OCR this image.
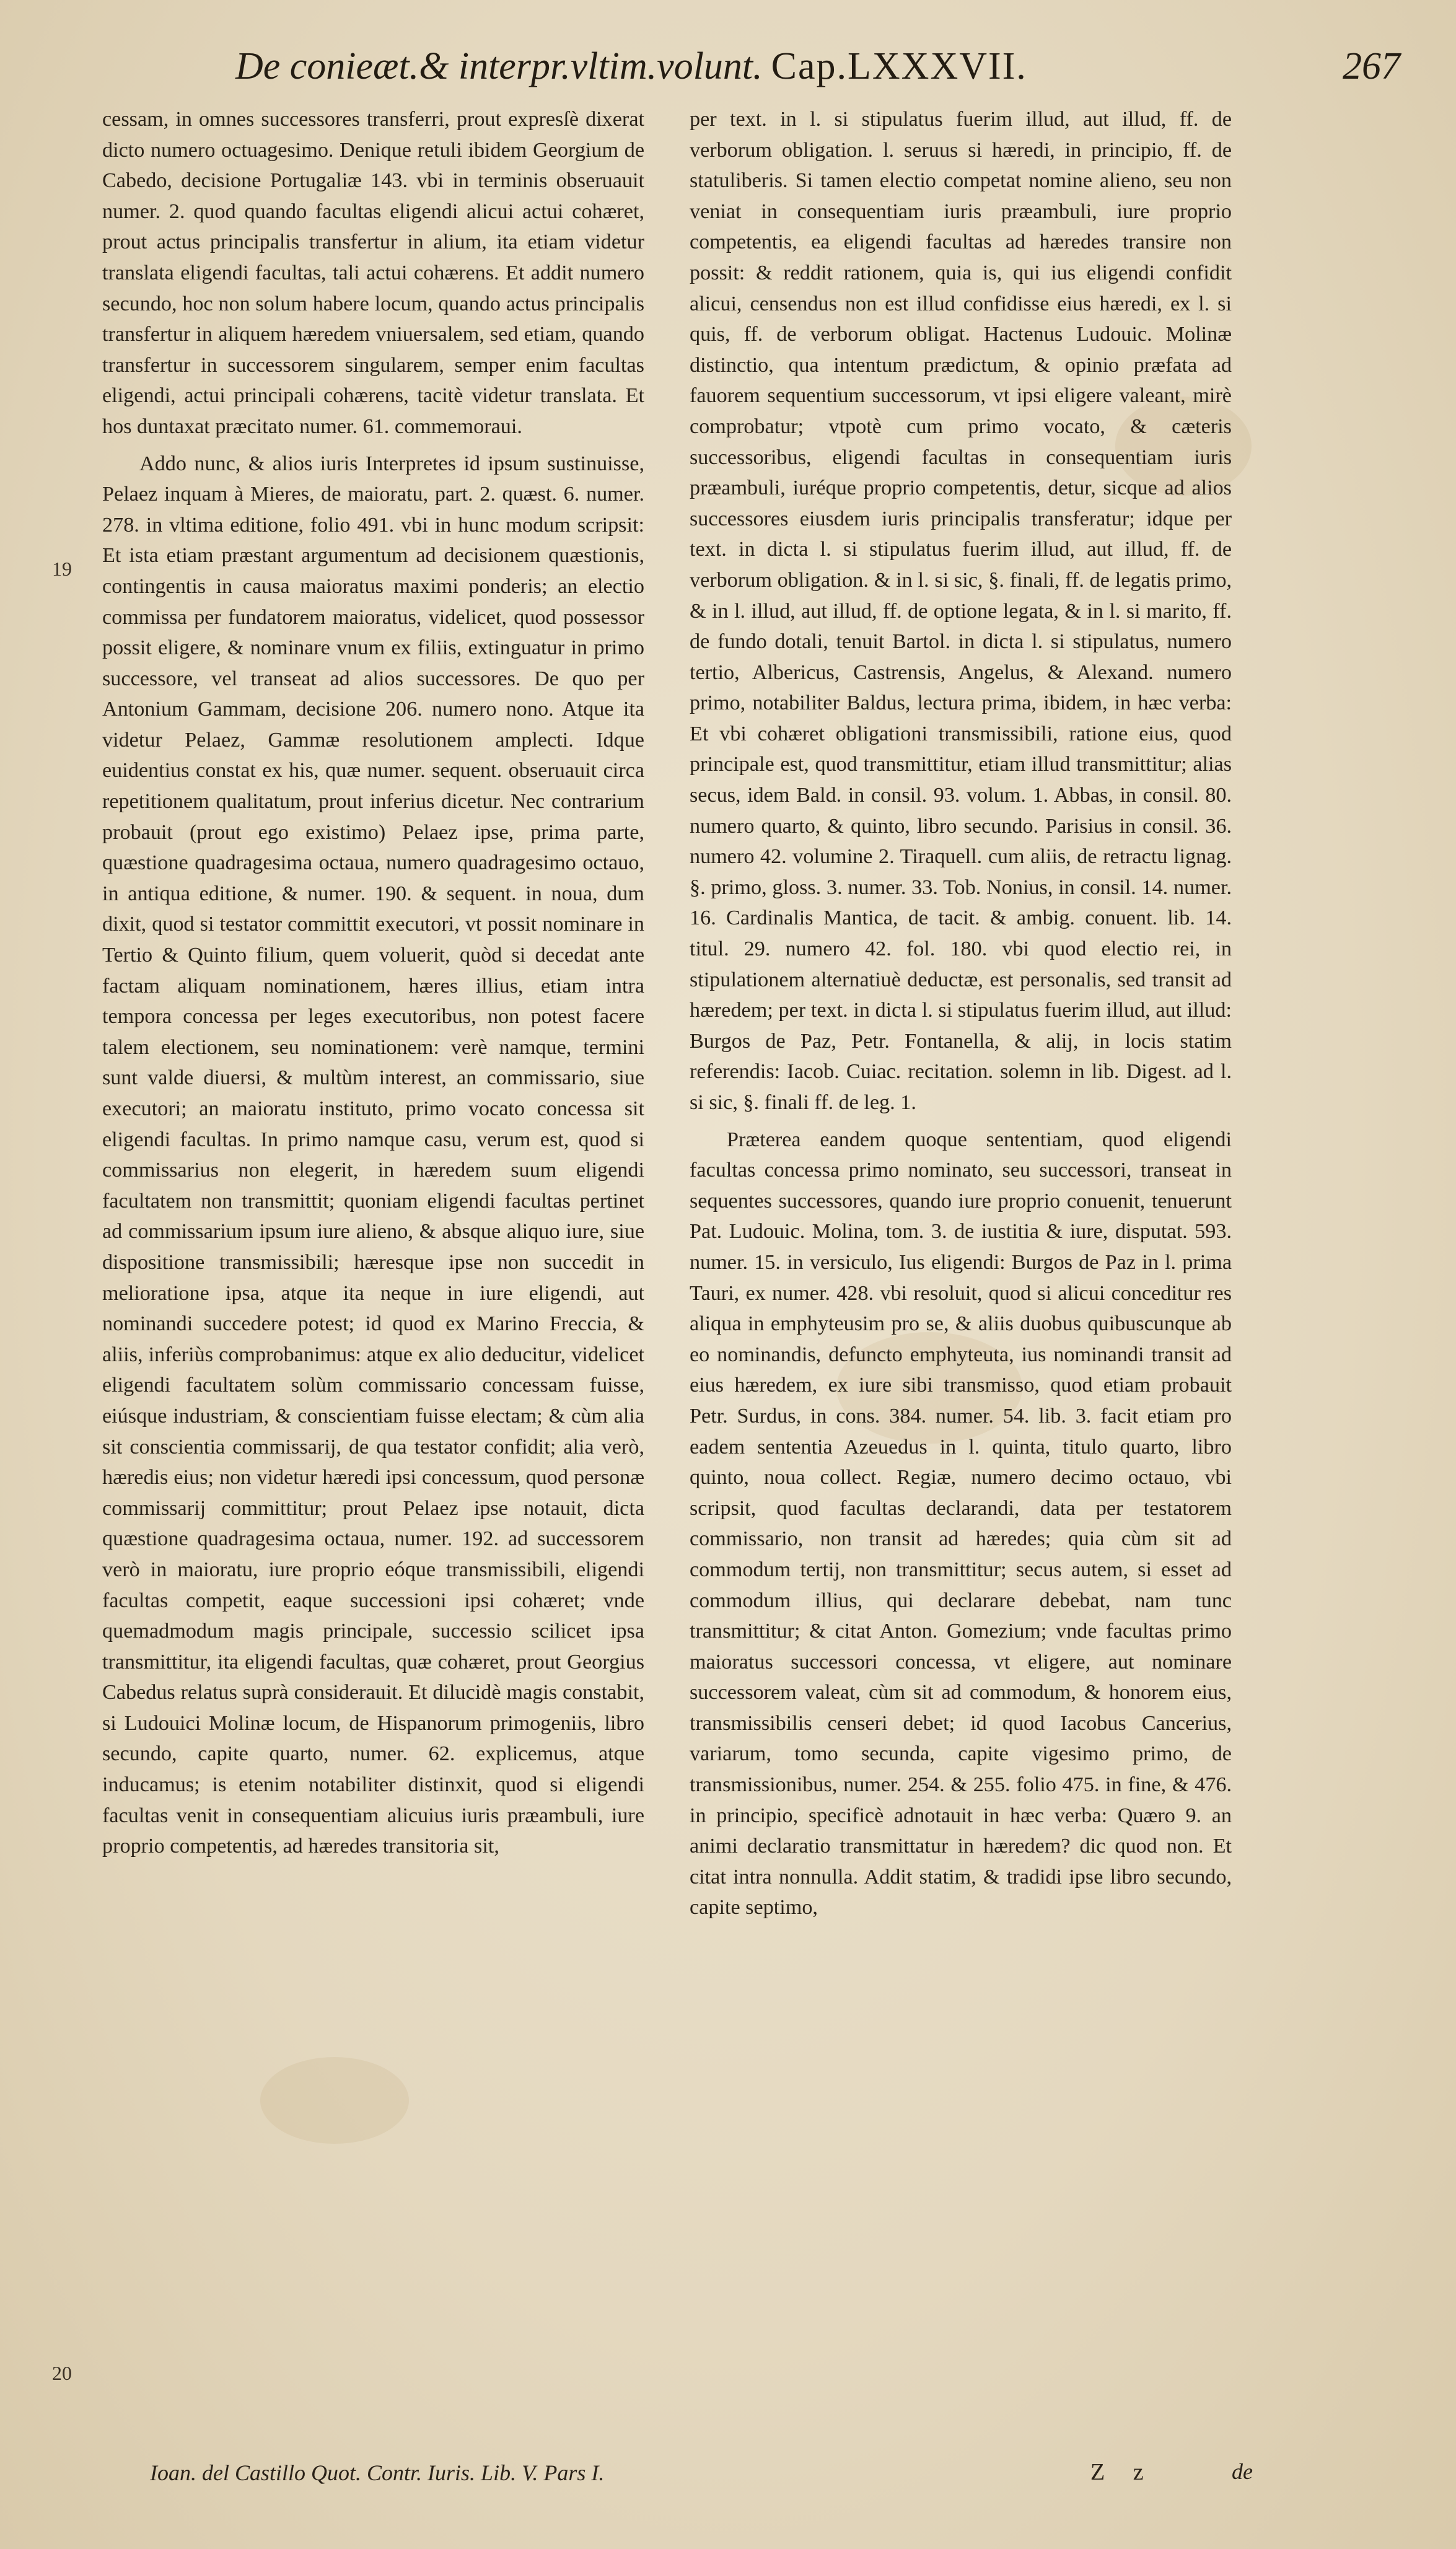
De conieæt.& interpr.vltim.volunt. Cap.LXXXVII.	267
19
20

cessam, in omnes successores transferri, prout expresſè dixerat dicto numero octuagesimo. Denique retuli ibidem Georgium de Cabedo, decisione Portugaliæ 143. vbi in terminis obseruauit numer. 2. quod quando facultas eligendi alicui actui cohæret, prout actus principalis transfertur in alium, ita etiam videtur translata eligendi facultas, tali actui cohærens. Et addit numero secundo, hoc non solum habere locum, quando actus principalis transfertur in aliquem hæredem vniuersalem, sed etiam, quando transfertur in successorem singularem, semper enim facultas eligendi, actui principali cohærens, tacitè videtur translata. Et hos duntaxat præcitato numer. 61. commemoraui.

Addo nunc, & alios iuris Interpretes id ipsum sustinuisse, Pelaez inquam à Mieres, de maioratu, part. 2. quæst. 6. numer. 278. in vltima editione, folio 491. vbi in hunc modum scripsit: Et ista etiam præstant argumentum ad decisionem quæstionis, contingentis in causa maioratus maximi ponderis; an electio commissa per fundatorem maioratus, videlicet, quod possessor possit eligere, & nominare vnum ex filiis, extinguatur in primo successore, vel transeat ad alios successores. De quo per Antonium Gammam, decisione 206. numero nono. Atque ita videtur Pelaez, Gammæ resolutionem amplecti. Idque euidentius constat ex his, quæ numer. sequent. obseruauit circa repetitionem qualitatum, prout inferius dicetur. Nec contrarium probauit (prout ego existimo) Pelaez ipse, prima parte, quæstione quadragesima octaua, numero quadragesimo octauo, in antiqua editione, & numer. 190. & sequent. in noua, dum dixit, quod si testator committit executori, vt possit nominare in Tertio & Quinto filium, quem voluerit, quòd si decedat ante factam aliquam nominationem, hæres illius, etiam intra tempora concessa per leges executoribus, non potest facere talem electionem, seu nominationem: verè namque, termini sunt valde diuersi, & multùm interest, an commissario, siue executori; an maioratu instituto, primo vocato concessa sit eligendi facultas. In primo namque casu, verum est, quod si commissarius non elegerit, in hæredem suum eligendi facultatem non transmittit; quoniam eligendi facultas pertinet ad commissarium ipsum iure alieno, & absque aliquo iure, siue dispositione transmissibili; hæresque ipse non succedit in melioratione ipsa, atque ita neque in iure eligendi, aut nominandi succedere potest; id quod ex Marino Freccia, & aliis, inferiùs comprobanimus: atque ex alio deducitur, videlicet eligendi facultatem solùm commissario concessam fuisse, eiúsque industriam, & conscientiam fuisse electam; & cùm alia sit conscientia commissarij, de qua testator confidit; alia verò, hæredis eius; non videtur hæredi ipsi concessum, quod personæ commissarij committitur; prout Pelaez ipse notauit, dicta quæstione quadragesima octaua, numer. 192. ad successorem verò in maioratu, iure proprio eóque transmissibili, eligendi facultas competit, eaque successioni ipsi cohæret; vnde quemadmodum magis principale, successio scilicet ipsa transmittitur, ita eligendi facultas, quæ cohæret, prout Georgius Cabedus relatus suprà considerauit. Et dilucidè magis constabit, si Ludouici Molinæ locum, de Hispanorum primogeniis, libro secundo, capite quarto, numer. 62. explicemus, atque inducamus; is etenim notabiliter distinxit, quod si eligendi facultas venit in consequentiam alicuius iuris præambuli, iure proprio competentis, ad hæredes transitoria sit,

per text. in l. si stipulatus fuerim illud, aut illud, ff. de verborum obligation. l. seruus si hæredi, in principio, ff. de statuliberis. Si tamen electio competat nomine alieno, seu non veniat in consequentiam iuris præambuli, iure proprio competentis, ea eligendi facultas ad hæredes transire non possit: & reddit rationem, quia is, qui ius eligendi confidit alicui, censendus non est illud confidisse eius hæredi, ex l. si quis, ff. de verborum obligat. Hactenus Ludouic. Molinæ distinctio, qua intentum prædictum, & opinio præfata ad fauorem sequentium successorum, vt ipsi eligere valeant, mirè comprobatur; vtpotè cum primo vocato, & cæteris successoribus, eligendi facultas in consequentiam iuris præambuli, iuréque proprio competentis, detur, sicque ad alios successores eiusdem iuris principalis transferatur; idque per text. in dicta l. si stipulatus fuerim illud, aut illud, ff. de verborum obligation. & in l. si sic, §. finali, ff. de legatis primo, & in l. illud, aut illud, ff. de optione legata, & in l. si marito, ff. de fundo dotali, tenuit Bartol. in dicta l. si stipulatus, numero tertio, Albericus, Castrensis, Angelus, & Alexand. numero primo, notabiliter Baldus, lectura prima, ibidem, in hæc verba: Et vbi cohæret obligationi transmissibili, ratione eius, quod principale est, quod transmittitur, etiam illud transmittitur; alias secus, idem Bald. in consil. 93. volum. 1. Abbas, in consil. 80. numero quarto, & quinto, libro secundo. Parisius in consil. 36. numero 42. volumine 2. Tiraquell. cum aliis, de retractu lignag. §. primo, gloss. 3. numer. 33. Tob. Nonius, in consil. 14. numer. 16. Cardinalis Mantica, de tacit. & ambig. conuent. lib. 14. titul. 29. numero 42. fol. 180. vbi quod electio rei, in stipulationem alternatiuè deductæ, est personalis, sed transit ad hæredem; per text. in dicta l. si stipulatus fuerim illud, aut illud: Burgos de Paz, Petr. Fontanella, & alij, in locis statim referendis: Iacob. Cuiac. recitation. solemn in lib. Digest. ad l. si sic, §. finali ff. de leg. 1.

Præterea eandem quoque sententiam, quod eligendi facultas concessa primo nominato, seu successori, transeat in sequentes successores, quando iure proprio conuenit, tenuerunt Pat. Ludouic. Molina, tom. 3. de iustitia & iure, disputat. 593. numer. 15. in versiculo, Ius eligendi: Burgos de Paz in l. prima Tauri, ex numer. 428. vbi resoluit, quod si alicui conceditur res aliqua in emphyteusim pro se, & aliis duobus quibuscunque ab eo nominandis, defuncto emphyteuta, ius nominandi transit ad eius hæredem, ex iure sibi transmisso, quod etiam probauit Petr. Surdus, in cons. 384. numer. 54. lib. 3. facit etiam pro eadem sententia Azeuedus in l. quinta, titulo quarto, libro quinto, noua collect. Regiæ, numero decimo octauo, vbi scripsit, quod facultas declarandi, data per testatorem commissario, non transit ad hæredes; quia cùm sit ad commodum tertij, non transmittitur; secus autem, si esset ad commodum illius, qui declarare debebat, nam tunc transmittitur; & citat Anton. Gomezium; vnde facultas primo maioratus successori concessa, vt eligere, aut nominare successorem valeat, cùm sit ad commodum, & honorem eius, transmissibilis censeri debet; id quod Iacobus Cancerius, variarum, tomo secunda, capite vigesimo primo, de transmissionibus, numer. 254. & 255. folio 475. in fine, & 476. in principio, specificè adnotauit in hæc verba: Quæro 9. an animi declaratio transmittatur in hæredem? dic quod non. Et citat intra nonnulla. Addit statim, & tradidi ipse libro secundo, capite septimo,

Ioan. del Castillo Quot. Contr. Iuris. Lib. V. Pars I.	Z z	de
